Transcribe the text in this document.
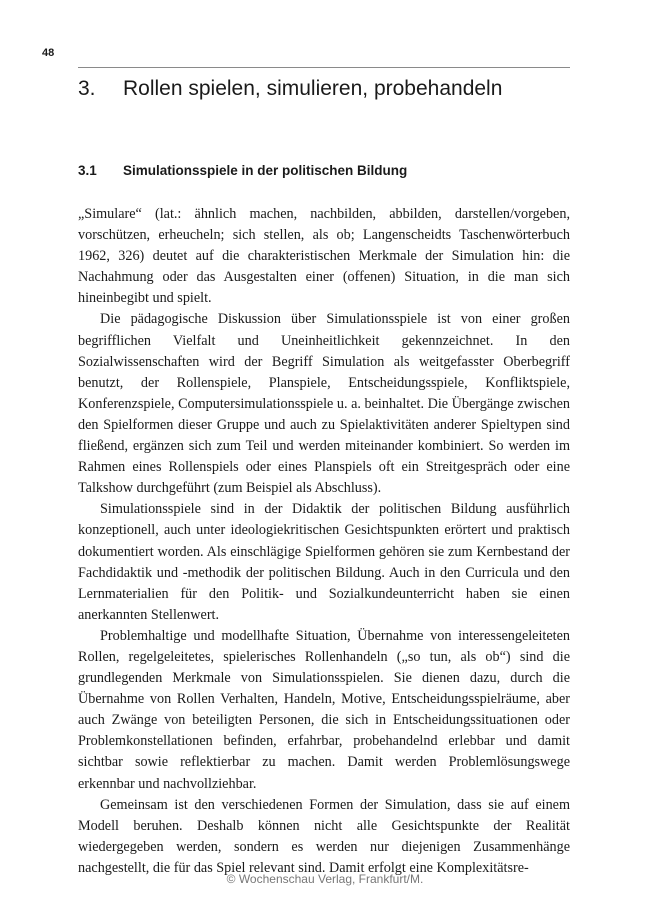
48
3. Rollen spielen, simulieren, probehandeln
3.1 Simulationsspiele in der politischen Bildung

„Simulare“ (lat.: ähnlich machen, nachbilden, abbilden, darstellen/vorgeben, vorschützen, erheucheln; sich stellen, als ob; Langenscheidts Taschenwörterbuch 1962, 326) deutet auf die charakteristischen Merkmale der Simulation hin: die Nachahmung oder das Ausgestalten einer (offenen) Situation, in die man sich hineinbegibt und spielt.

Die pädagogische Diskussion über Simulationsspiele ist von einer großen begrifflichen Vielfalt und Uneinheitlichkeit gekennzeichnet. In den Sozialwissenschaften wird der Begriff Simulation als weitgefasster Oberbegriff benutzt, der Rollenspiele, Planspiele, Entscheidungsspiele, Konfliktspiele, Konferenzspiele, Computersimulationsspiele u. a. beinhaltet. Die Übergänge zwischen den Spielformen dieser Gruppe und auch zu Spielaktivitäten anderer Spieltypen sind fließend, ergänzen sich zum Teil und werden miteinander kombiniert. So werden im Rahmen eines Rollenspiels oder eines Planspiels oft ein Streitgespräch oder eine Talkshow durchgeführt (zum Beispiel als Abschluss).

Simulationsspiele sind in der Didaktik der politischen Bildung ausführlich konzeptionell, auch unter ideologiekritischen Gesichtspunkten erörtert und praktisch dokumentiert worden. Als einschlägige Spielformen gehören sie zum Kernbestand der Fachdidaktik und -methodik der politischen Bildung. Auch in den Curricula und den Lernmaterialien für den Politik- und Sozialkundeunterricht haben sie einen anerkannten Stellenwert.

Problemhaltige und modellhafte Situation, Übernahme von interessengeleiteten Rollen, regelgeleitetes, spielerisches Rollenhandeln („so tun, als ob“) sind die grundlegenden Merkmale von Simulationsspielen. Sie dienen dazu, durch die Übernahme von Rollen Verhalten, Handeln, Motive, Entscheidungsspielräume, aber auch Zwänge von beteiligten Personen, die sich in Entscheidungssituationen oder Problemkonstellationen befinden, erfahrbar, probehandelnd erlebbar und damit sichtbar sowie reflektierbar zu machen. Damit werden Problemlösungswege erkennbar und nachvollziehbar.

Gemeinsam ist den verschiedenen Formen der Simulation, dass sie auf einem Modell beruhen. Deshalb können nicht alle Gesichtspunkte der Realität wiedergegeben werden, sondern es werden nur diejenigen Zusammenhänge nachgestellt, die für das Spiel relevant sind. Damit erfolgt eine Komplexitätsre-

© Wochenschau Verlag, Frankfurt/M.
